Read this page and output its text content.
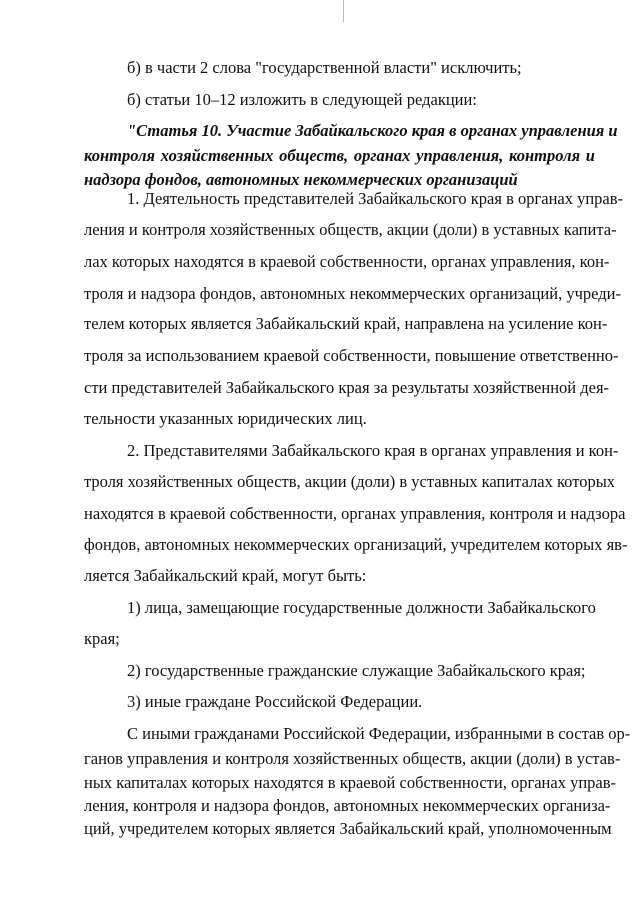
б) в части 2 слова "государственной власти" исключить;
б) статьи 10–12 изложить в следующей редакции:
"Статья 10. Участие Забайкальского края в органах управления и
контроля хозяйственных обществ, органах управления, контроля и
надзора фондов, автономных некоммерческих организаций
1. Деятельность представителей Забайкальского края в органах управ-
ления и контроля хозяйственных обществ, акции (доли) в уставных капита-
лах которых находятся в краевой собственности, органах управления, кон-
троля и надзора фондов, автономных некоммерческих организаций, учреди-
телем которых является Забайкальский край, направлена на усиление кон-
троля за использованием краевой собственности, повышение ответственно-
сти представителей Забайкальского края за результаты хозяйственной дея-
тельности указанных юридических лиц.
2. Представителями Забайкальского края в органах управления и кон-
троля хозяйственных обществ, акции (доли) в уставных капиталах которых
находятся в краевой собственности, органах управления, контроля и надзора
фондов, автономных некоммерческих организаций, учредителем которых яв-
ляется Забайкальский край, могут быть:
1) лица, замещающие государственные должности Забайкальского
края;
2) государственные гражданские служащие Забайкальского края;
3) иные граждане Российской Федерации.
С иными гражданами Российской Федерации, избранными в состав ор-
ганов управления и контроля хозяйственных обществ, акции (доли) в устав-
ных капиталах которых находятся в краевой собственности, органах управ-
ления, контроля и надзора фондов, автономных некоммерческих организа-
ций, учредителем которых является Забайкальский край, уполномоченным
